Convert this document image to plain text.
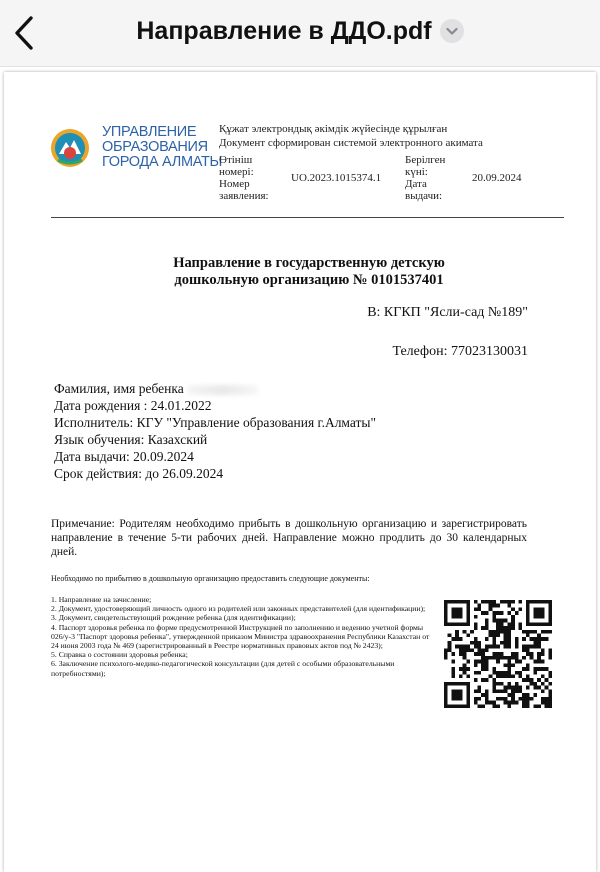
Направление в ДДО.pdf
УПРАВЛЕНИЕ
ОБРАЗОВАНИЯ
ГОРОДА АЛМАТЫ
Құжат электрондық әкімдік жүйесінде құрылған
Документ сформирован системой электронного акимата
Өтініш
номері:
Номер
заявления:
UO.2023.1015374.1
Берілген
күні:
Дата
выдачи:
20.09.2024
Направление в государственную детскую
дошкольную организацию № 0101537401
В: КГКП "Ясли-сад №189"
Телефон: 77023130031
Фамилия, имя ребенка
Дата рождения : 24.01.2022
Исполнитель: КГУ "Управление образования г.Алматы"
Язык обучения: Казахский
Дата выдачи: 20.09.2024
Срок действия: до 26.09.2024
Примечание: Родителям необходимо прибыть в дошкольную организацию и зарегистрировать направление в течение 5-ти рабочих дней. Направление можно продлить до 30 календарных дней.
Необходимо по прибытию в дошкольную организацию предоставить следующие документы:
1. Направление на зачисление;
2. Документ, удостоверяющий личность одного из родителей или законных представителей (для идентификации);
3. Документ, свидетельствующий рождение ребенка (для идентификации);
4. Паспорт здоровья ребенка по форме предусмотренной Инструкцией по заполнению и ведению учетной формы 026/у-3 "Паспорт здоровья ребенка", утвержденной приказом Министра здравоохранения Республики Казахстан от 24 июня 2003 года № 469 (зарегистрированный в Реестре нормативных правовых актов под № 2423);
5. Справка о состоянии здоровья ребенка;
6. Заключение психолого-медико-педагогической консультации (для детей с особыми образовательными потребностями);
